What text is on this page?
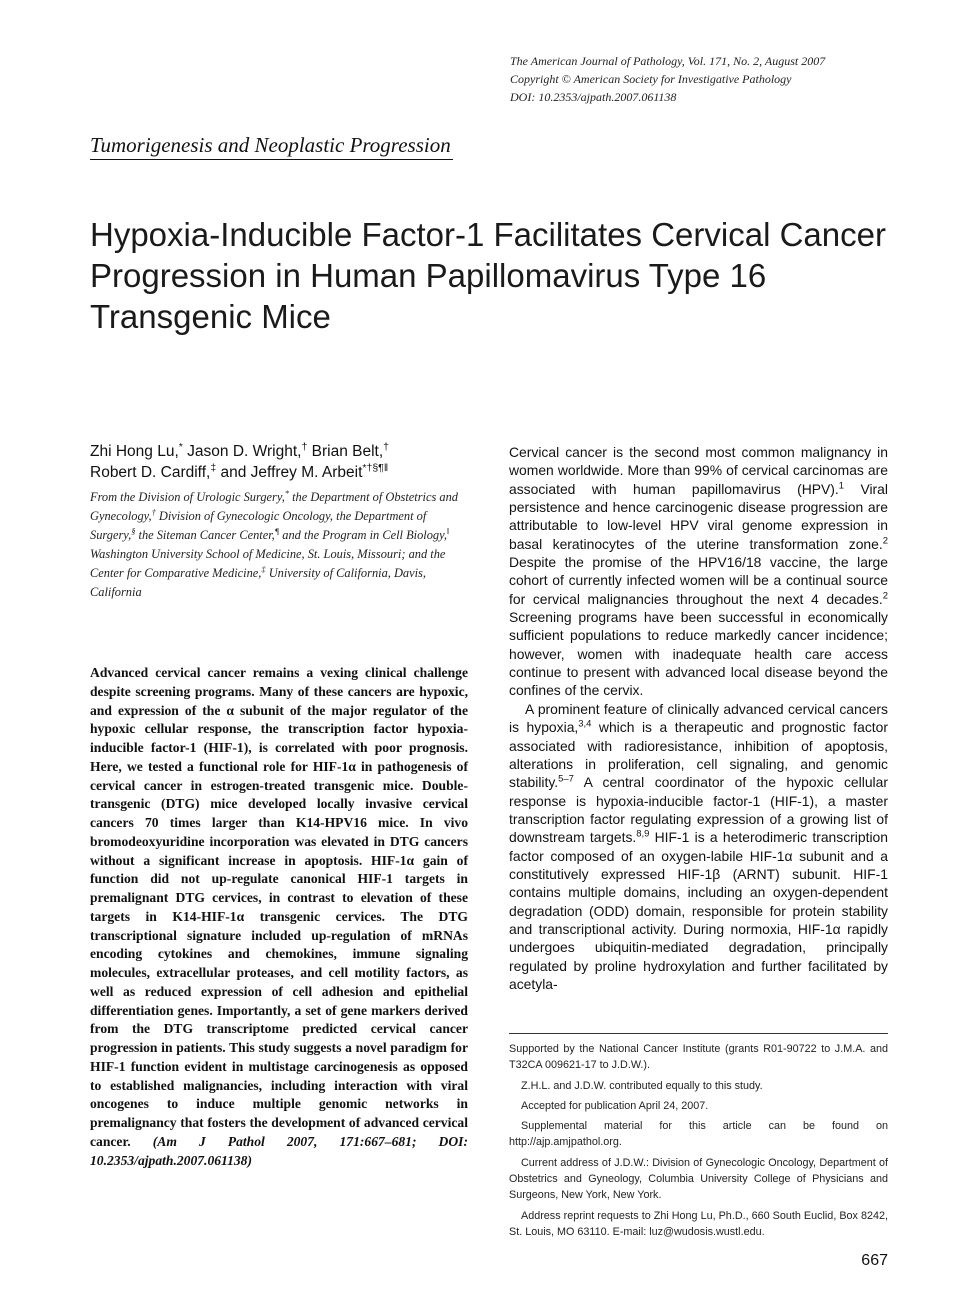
The American Journal of Pathology, Vol. 171, No. 2, August 2007
Copyright © American Society for Investigative Pathology
DOI: 10.2353/ajpath.2007.061138
Tumorigenesis and Neoplastic Progression
Hypoxia-Inducible Factor-1 Facilitates Cervical Cancer Progression in Human Papillomavirus Type 16 Transgenic Mice
Zhi Hong Lu,* Jason D. Wright,† Brian Belt,†
Robert D. Cardiff,‡ and Jeffrey M. Arbeit*†§¶‖
From the Division of Urologic Surgery,* the Department of Obstetrics and Gynecology,† Division of Gynecologic Oncology, the Department of Surgery,§ the Siteman Cancer Center,¶ and the Program in Cell Biology,‖ Washington University School of Medicine, St. Louis, Missouri; and the Center for Comparative Medicine,‡ University of California, Davis, California

Advanced cervical cancer remains a vexing clinical challenge despite screening programs. Many of these cancers are hypoxic, and expression of the α subunit of the major regulator of the hypoxic cellular response, the transcription factor hypoxia-inducible factor-1 (HIF-1), is correlated with poor prognosis. Here, we tested a functional role for HIF-1α in pathogenesis of cervical cancer in estrogen-treated transgenic mice. Double-transgenic (DTG) mice developed locally invasive cervical cancers 70 times larger than K14-HPV16 mice. In vivo bromodeoxyuridine incorporation was elevated in DTG cancers without a significant increase in apoptosis. HIF-1α gain of function did not up-regulate canonical HIF-1 targets in premalignant DTG cervices, in contrast to elevation of these targets in K14-HIF-1α transgenic cervices. The DTG transcriptional signature included up-regulation of mRNAs encoding cytokines and chemokines, immune signaling molecules, extracellular proteases, and cell motility factors, as well as reduced expression of cell adhesion and epithelial differentiation genes. Importantly, a set of gene markers derived from the DTG transcriptome predicted cervical cancer progression in patients. This study suggests a novel paradigm for HIF-1 function evident in multistage carcinogenesis as opposed to established malignancies, including interaction with viral oncogenes to induce multiple genomic networks in premalignancy that fosters the development of advanced cervical cancer. (Am J Pathol 2007, 171:667–681; DOI: 10.2353/ajpath.2007.061138)

Cervical cancer is the second most common malignancy in women worldwide. More than 99% of cervical carcinomas are associated with human papillomavirus (HPV).$^1$ Viral persistence and hence carcinogenic disease progression are attributable to low-level HPV viral genome expression in basal keratinocytes of the uterine transformation zone.$^2$ Despite the promise of the HPV16/18 vaccine, the large cohort of currently infected women will be a continual source for cervical malignancies throughout the next 4 decades.$^2$ Screening programs have been successful in economically sufficient populations to reduce markedly cancer incidence; however, women with inadequate health care access continue to present with advanced local disease beyond the confines of the cervix.

A prominent feature of clinically advanced cervical cancers is hypoxia,$^{3,4}$ which is a therapeutic and prognostic factor associated with radioresistance, inhibition of apoptosis, alterations in proliferation, cell signaling, and genomic stability.$^{5-7}$ A central coordinator of the hypoxic cellular response is hypoxia-inducible factor-1 (HIF-1), a master transcription factor regulating expression of a growing list of downstream targets.$^{8,9}$ HIF-1 is a heterodimeric transcription factor composed of an oxygen-labile HIF-1α subunit and a constitutively expressed HIF-1β (ARNT) subunit. HIF-1 contains multiple domains, including an oxygen-dependent degradation (ODD) domain, responsible for protein stability and transcriptional activity. During normoxia, HIF-1α rapidly undergoes ubiquitin-mediated degradation, principally regulated by proline hydroxylation and further facilitated by acetyla-

Supported by the National Cancer Institute (grants R01-90722 to J.M.A. and T32CA 009621-17 to J.D.W.).

Z.H.L. and J.D.W. contributed equally to this study.

Accepted for publication April 24, 2007.

Supplemental material for this article can be found on http://ajp.amjpathol.org.

Current address of J.D.W.: Division of Gynecologic Oncology, Department of Obstetrics and Gyneology, Columbia University College of Physicians and Surgeons, New York, New York.

Address reprint requests to Zhi Hong Lu, Ph.D., 660 South Euclid, Box 8242, St. Louis, MO 63110. E-mail: luz@wudosis.wustl.edu.

667
